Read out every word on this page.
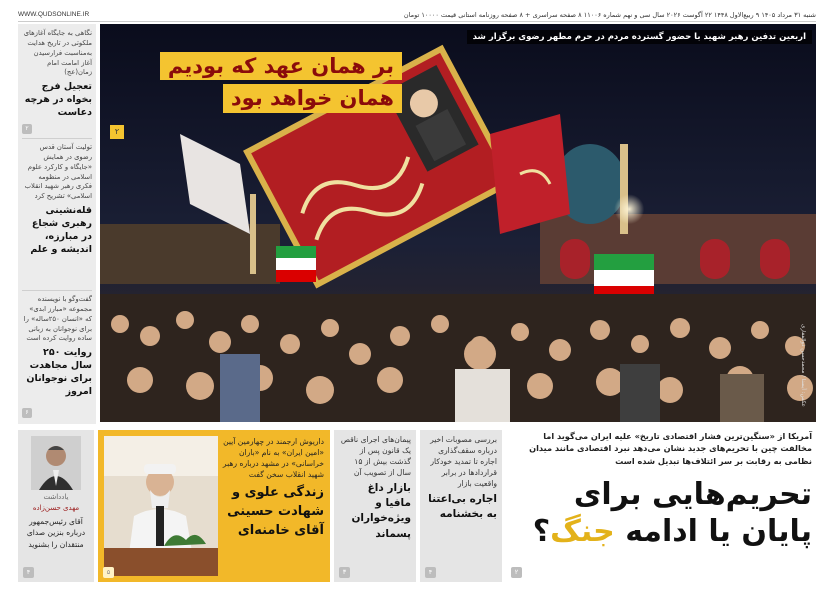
شنبه ۳۱ مرداد ۱۴۰۵ ۹ ربیع‌الاول ۱۴۴۸ ۲۲ آگوست ۲۰۲۶ سال سی و نهم شماره ۱۱۰۰۶ ۸ صفحه سراسری + ۸ صفحه روزنامه استانی قیمت ۱۰۰۰۰ تومان
WWW.QUDSONLINE.IR
نگاهی به جایگاه آغازهای ملکوتی در تاریخ هدایت به‌مناسبت فرارسیدن آغاز امامت امام زمان(عج)
تعجیل فرج بخواه در هرچه دعاست
۲
تولیت آستان قدس رضوی در همایش «جایگاه و کارکرد علوم اسلامی در منظومه فکری رهبر شهید انقلاب اسلامی» تشریح کرد
قله‌نشینی رهبری شجاع در مبارزه، اندیشه و علم
گفت‌وگو با نویسنده مجموعه «مبارز ابدی» که «انسان ۲۵۰ساله» را برای نوجوانان به زبانی ساده روایت کرده است
روایت ۲۵۰ سال مجاهدت برای نوجوانان امروز
۶
اربعین تدفین رهبر شهید با حضور گسترده مردم در حرم مطهر رضوی برگزار شد
بر همان عهد که بودیم
همان خواهد بود
۲
عکس: آیسنا / محمدحسن ذوالفقاری
یادداشت
مهدی حسن‌زاده
آقای رئیس‌جمهور درباره بنزین صدای منتقدان را بشنوید
۴
داریوش ارجمند در چهارمین آیین «امین ایران» به نام «باران خراسانی» در مشهد درباره رهبر شهید انقلاب سخن گفت
زندگی علوی و شهادت حسینی آقای خامنه‌ای
۵
پیمان‌های اجرای ناقص یک قانون پس از گذشت بیش از ۱۵ سال از تصویب آن
بازار داغ مافیا و ویژه‌خواران پسماند
۳
بررسی مصوبات اخیر درباره سقف‌گذاری اجاره تا تمدید خودکار قراردادها در برابر واقعیت بازار
اجاره بی‌اعتنا به بخشنامه
۴
آمریکا از «سنگین‌ترین فشار اقتصادی تاریخ» علیه ایران می‌گوید اما مخالفت چین با تحریم‌های جدید نشان می‌دهد نبرد اقتصادی مانند میدان نظامی به رقابت بر سر ائتلاف‌ها تبدیل شده است
تحریم‌هایی برای
پایان یا ادامه جنگ؟
۲
